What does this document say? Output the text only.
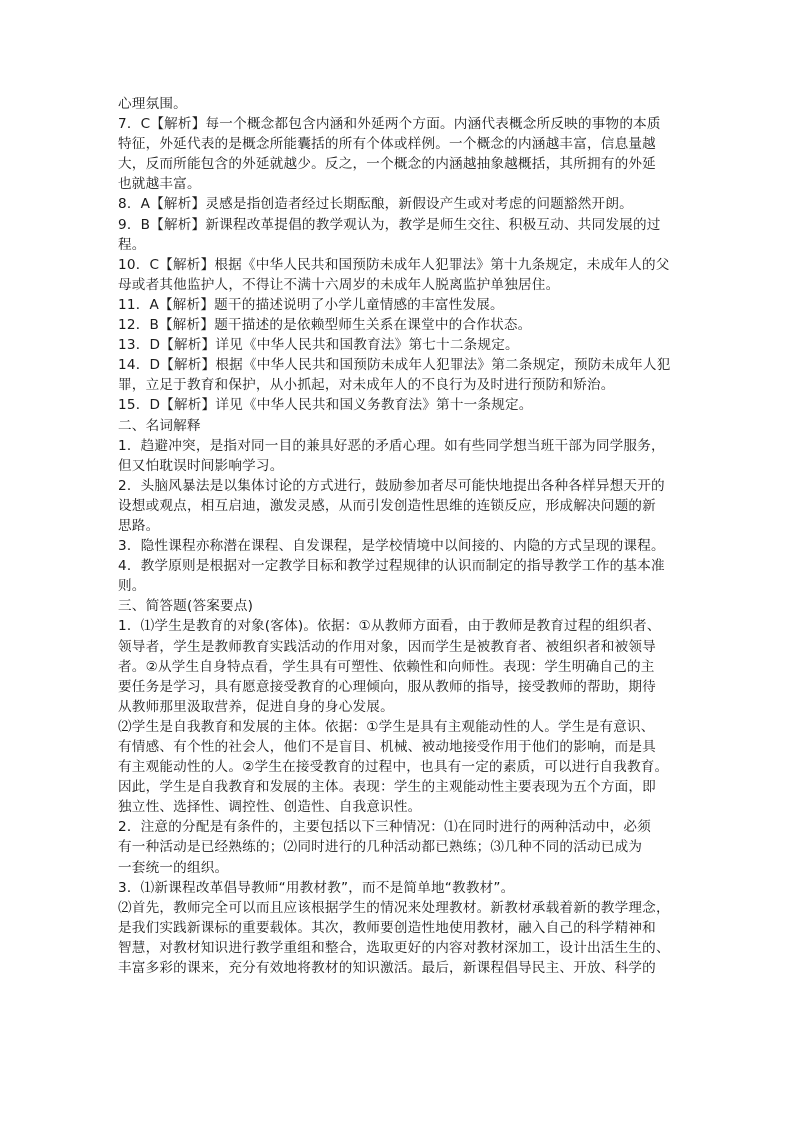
心理氛围。
7．C【解析】每一个概念都包含内涵和外延两个方面。内涵代表概念所反映的事物的本质
特征，外延代表的是概念所能囊括的所有个体或样例。一个概念的内涵越丰富，信息量越
大，反而所能包含的外延就越少。反之，一个概念的内涵越抽象越概括，其所拥有的外延
也就越丰富。
8．A【解析】灵感是指创造者经过长期酝酿，新假设产生或对考虑的问题豁然开朗。
9．B【解析】新课程改革提倡的教学观认为，教学是师生交往、积极互动、共同发展的过
程。
10．C【解析】根据《中华人民共和国预防未成年人犯罪法》第十九条规定，未成年人的父
母或者其他监护人，不得让不满十六周岁的未成年人脱离监护单独居住。
11．A【解析】题干的描述说明了小学儿童情感的丰富性发展。
12．B【解析】题干描述的是依赖型师生关系在课堂中的合作状态。
13．D【解析】详见《中华人民共和国教育法》第七十二条规定。
14．D【解析】根据《中华人民共和国预防未成年人犯罪法》第二条规定，预防未成年人犯
罪，立足于教育和保护，从小抓起，对未成年人的不良行为及时进行预防和矫治。
15．D【解析】详见《中华人民共和国义务教育法》第十一条规定。
二、名词解释
1．趋避冲突，是指对同一目的兼具好恶的矛盾心理。如有些同学想当班干部为同学服务，
但又怕耽误时间影响学习。
2．头脑风暴法是以集体讨论的方式进行，鼓励参加者尽可能快地提出各种各样异想天开的
设想或观点，相互启迪，激发灵感，从而引发创造性思维的连锁反应，形成解决问题的新
思路。
3．隐性课程亦称潜在课程、自发课程，是学校情境中以间接的、内隐的方式呈现的课程。
4．教学原则是根据对一定教学目标和教学过程规律的认识而制定的指导教学工作的基本准
则。
三、简答题(答案要点)
1．⑴学生是教育的对象(客体)。依据：①从教师方面看，由于教师是教育过程的组织者、
领导者，学生是教师教育实践活动的作用对象，因而学生是被教育者、被组织者和被领导
者。②从学生自身特点看，学生具有可塑性、依赖性和向师性。表现：学生明确自己的主
要任务是学习，具有愿意接受教育的心理倾向，服从教师的指导，接受教师的帮助，期待
从教师那里汲取营养，促进自身的身心发展。
⑵学生是自我教育和发展的主体。依据：①学生是具有主观能动性的人。学生是有意识、
有情感、有个性的社会人，他们不是盲目、机械、被动地接受作用于他们的影响，而是具
有主观能动性的人。②学生在接受教育的过程中，也具有一定的素质，可以进行自我教育。
因此，学生是自我教育和发展的主体。表现：学生的主观能动性主要表现为五个方面，即
独立性、选择性、调控性、创造性、自我意识性。
2．注意的分配是有条件的，主要包括以下三种情况：⑴在同时进行的两种活动中，必须
有一种活动是已经熟练的；⑵同时进行的几种活动都已熟练；⑶几种不同的活动已成为
一套统一的组织。
3．⑴新课程改革倡导教师“用教材教”，而不是简单地“教教材”。
⑵首先，教师完全可以而且应该根据学生的情况来处理教材。新教材承载着新的教学理念，
是我们实践新课标的重要载体。其次，教师要创造性地使用教材，融入自己的科学精神和
智慧，对教材知识进行教学重组和整合，选取更好的内容对教材深加工，设计出活生生的、
丰富多彩的课来，充分有效地将教材的知识激活。最后，新课程倡导民主、开放、科学的
